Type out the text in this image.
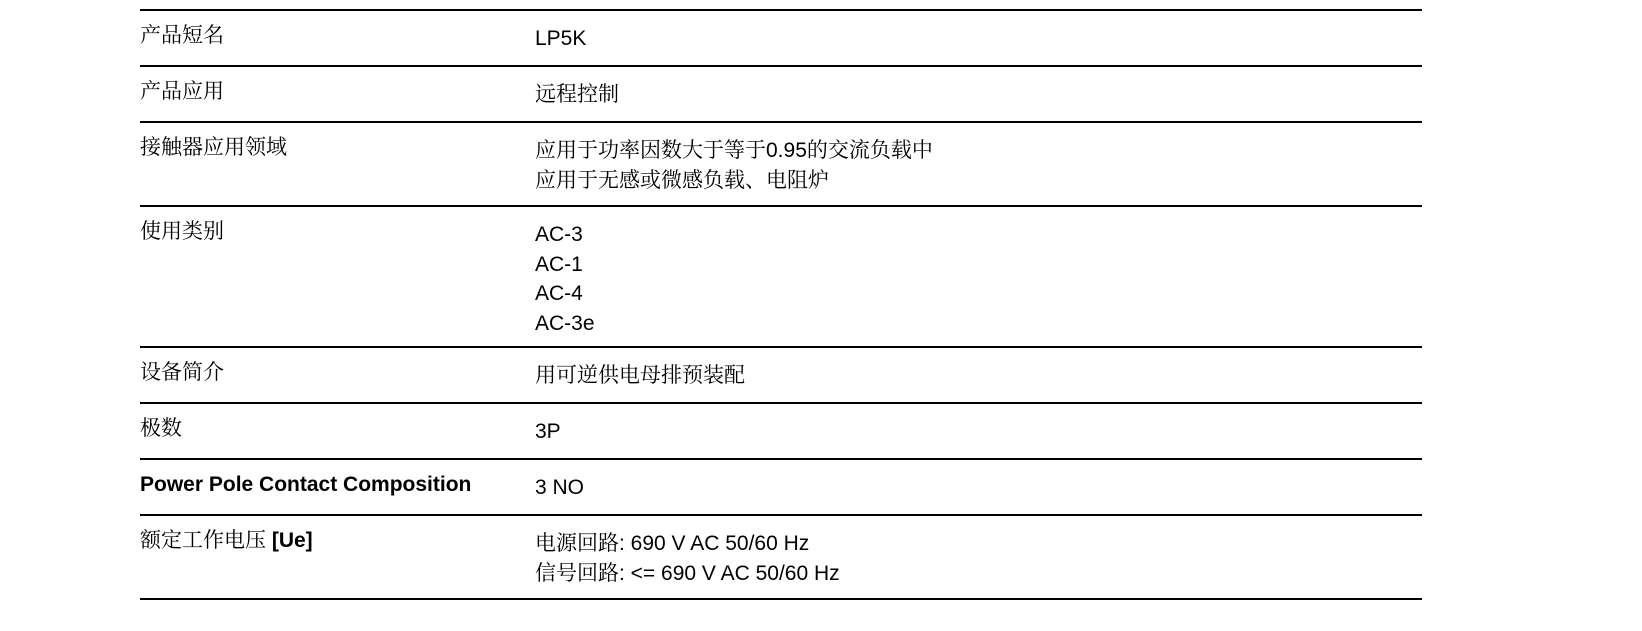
产品短名	LP5K
产品应用	远程控制
接触器应用领域	应用于功率因数大于等于0.95的交流负载中
应用于无感或微感负载、电阻炉
使用类别	AC-3
AC-1
AC-4
AC-3e
设备简介	用可逆供电母排预装配
极数	3P
Power Pole Contact Composition	3 NO
额定工作电压 [Ue]	电源回路: 690 V AC 50/60 Hz
信号回路: <= 690 V AC 50/60 Hz
